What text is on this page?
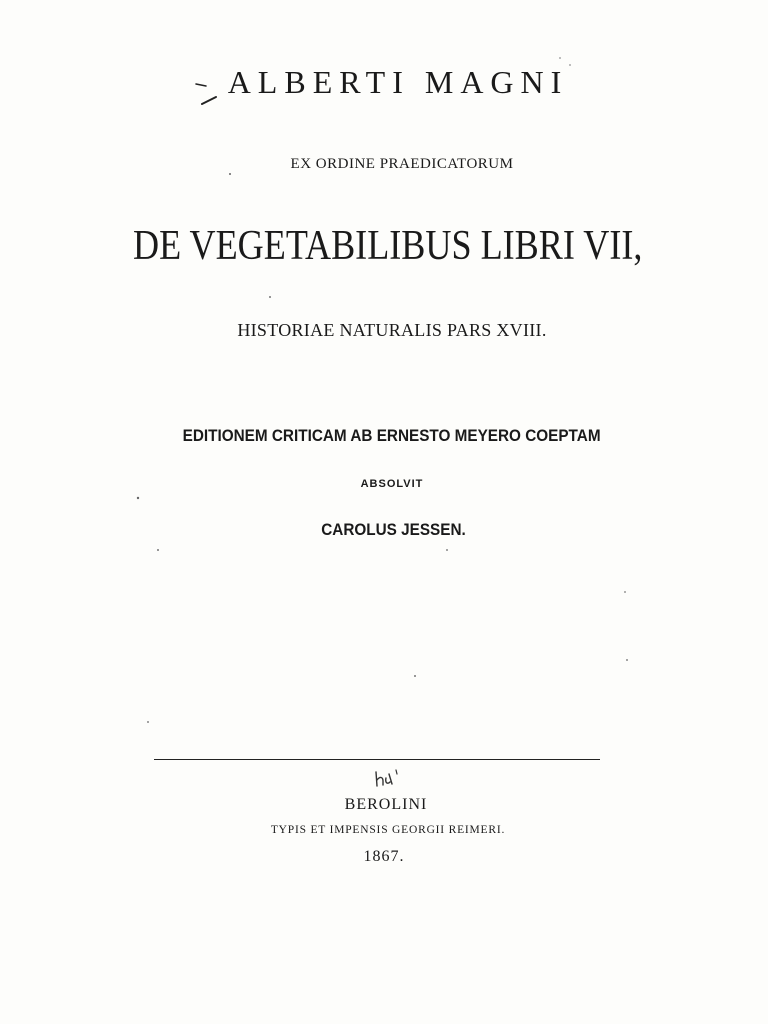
ALBERTI MAGNI
EX ORDINE PRAEDICATORUM
DE VEGETABILIBUS LIBRI VII,
HISTORIAE NATURALIS PARS XVIII.
EDITIONEM CRITICAM AB ERNESTO MEYERO COEPTAM
ABSOLVIT
CAROLUS JESSEN.
BEROLINI
TYPIS ET IMPENSIS GEORGII REIMERI.
1867.
